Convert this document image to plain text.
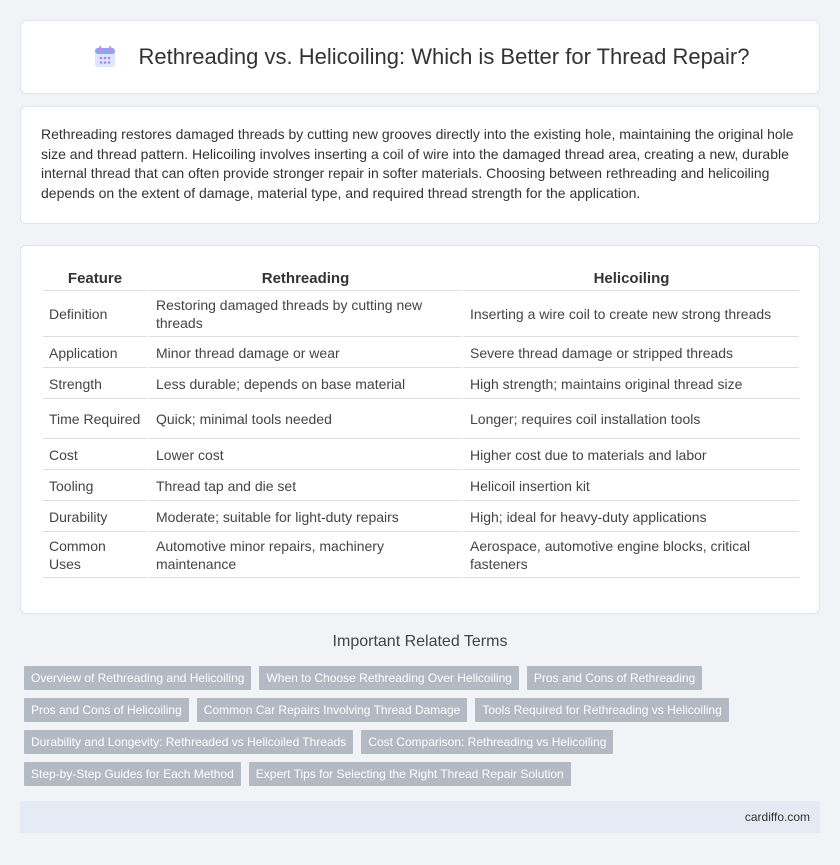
Rethreading vs. Helicoiling: Which is Better for Thread Repair?

Rethreading restores damaged threads by cutting new grooves directly into the existing hole, maintaining the original hole size and thread pattern. Helicoiling involves inserting a coil of wire into the damaged thread area, creating a new, durable internal thread that can often provide stronger repair in softer materials. Choosing between rethreading and helicoiling depends on the extent of damage, material type, and required thread strength for the application.

Feature	Rethreading	Helicoiling
Definition	Restoring damaged threads by cutting new threads	Inserting a wire coil to create new strong threads
Application	Minor thread damage or wear	Severe thread damage or stripped threads
Strength	Less durable; depends on base material	High strength; maintains original thread size
Time Required	Quick; minimal tools needed	Longer; requires coil installation tools
Cost	Lower cost	Higher cost due to materials and labor
Tooling	Thread tap and die set	Helicoil insertion kit
Durability	Moderate; suitable for light-duty repairs	High; ideal for heavy-duty applications
Common Uses	Automotive minor repairs, machinery maintenance	Aerospace, automotive engine blocks, critical fasteners
Important Related Terms
Overview of Rethreading and Helicoiling	When to Choose Rethreading Over Helicoiling	Pros and Cons of Rethreading
Pros and Cons of Helicoiling	Common Car Repairs Involving Thread Damage	Tools Required for Rethreading vs Helicoiling
Durability and Longevity: Rethreaded vs Helicoiled Threads	Cost Comparison: Rethreading vs Helicoiling
Step-by-Step Guides for Each Method	Expert Tips for Selecting the Right Thread Repair Solution
cardiffo.com
